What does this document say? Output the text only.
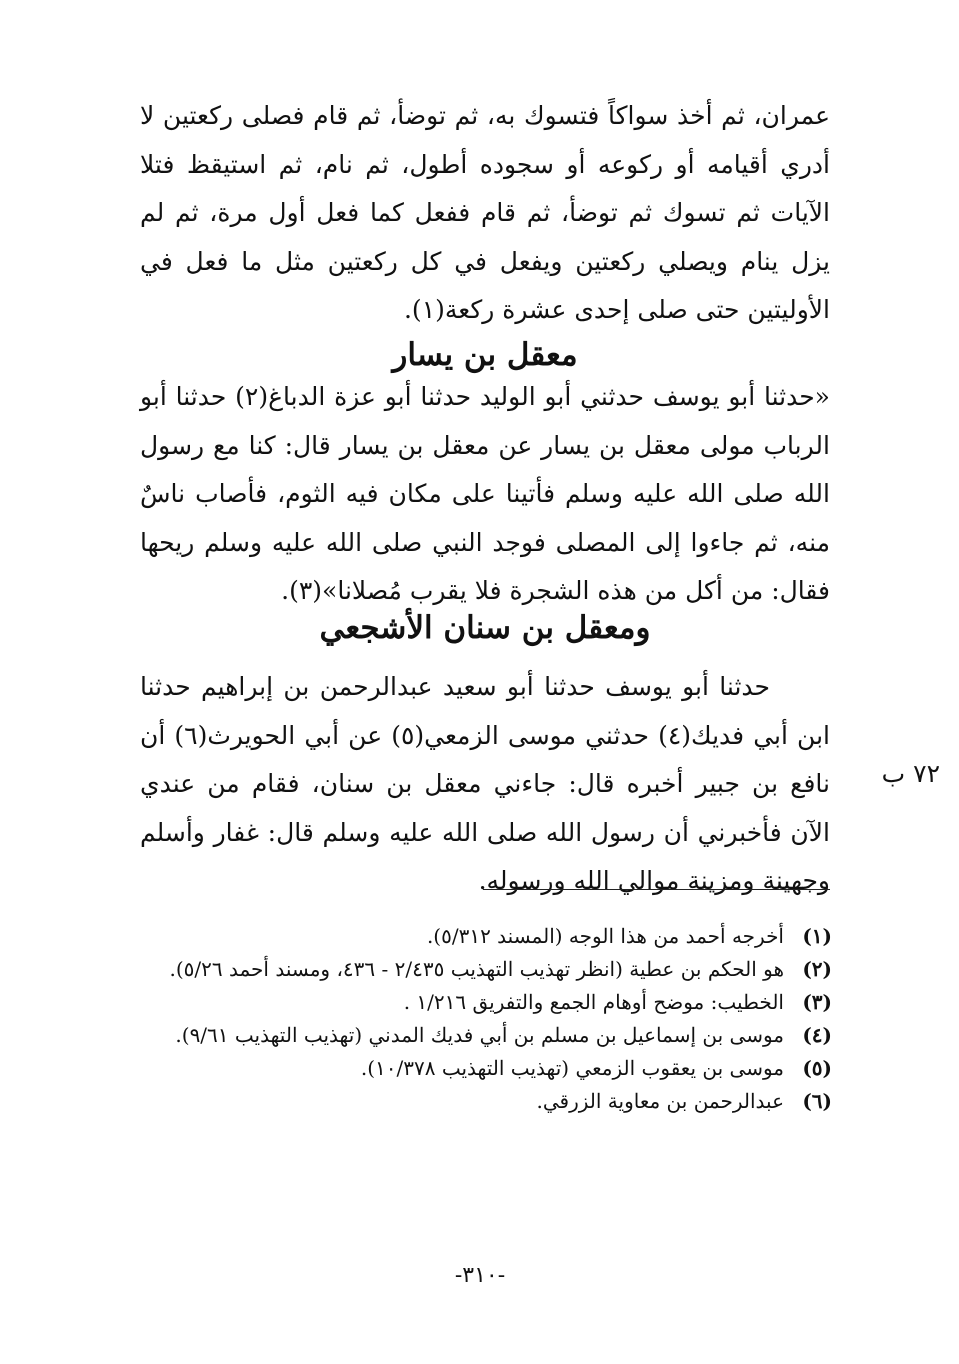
عمران، ثم أخذ سواكاً فتسوك به، ثم توضأ، ثم قام فصلى ركعتين لا أدري أقيامه أو ركوعه أو سجوده أطول، ثم نام، ثم استيقظ فتلا الآيات ثم تسوك ثم توضأ، ثم قام ففعل كما فعل أول مرة، ثم لم يزل ينام ويصلي ركعتين ويفعل في كل ركعتين مثل ما فعل في الأوليتين حتى صلى إحدى عشرة ركعة(١).

معقل بن يسار

«حدثنا أبو يوسف حدثني أبو الوليد حدثنا أبو عزة الدباغ(٢) حدثنا أبو الرباب مولى معقل بن يسار عن معقل بن يسار قال: كنا مع رسول الله صلى الله عليه وسلم فأتينا على مكان فيه الثوم، فأصاب ناسٌ منه، ثم جاءوا إلى المصلى فوجد النبي صلى الله عليه وسلم ريحها فقال: من أكل من هذه الشجرة فلا يقرب مُصلانا»(٣).

ومعقل بن سنان الأشجعي

حدثنا أبو يوسف حدثنا أبو سعيد عبدالرحمن بن إبراهيم حدثنا ابن أبي فديك(٤) حدثني موسى الزمعي(٥) عن أبي الحويرث(٦) أن نافع بن جبير أخبره قال: جاءني معقل بن سنان، فقام من عندي الآن فأخبرني أن رسول الله صلى الله عليه وسلم قال: غفار وأسلم وجهينة ومزينة موالي الله ورسوله.

٧٢ ب
(١)
أخرجه أحمد من هذا الوجه (المسند ٥/٣١٢).
(٢)
هو الحكم بن عطية (انظر تهذيب التهذيب ٢/٤٣٥ - ٤٣٦، ومسند أحمد ٥/٢٦).
(٣)
الخطيب: موضح أوهام الجمع والتفريق ١/٢١٦ .
(٤)
موسى بن إسماعيل بن مسلم بن أبي فديك المدني (تهذيب التهذيب ٩/٦١).
(٥)
موسى بن يعقوب الزمعي (تهذيب التهذيب ١٠/٣٧٨).
(٦)
عبدالرحمن بن معاوية الزرقي.
-٣١٠-
